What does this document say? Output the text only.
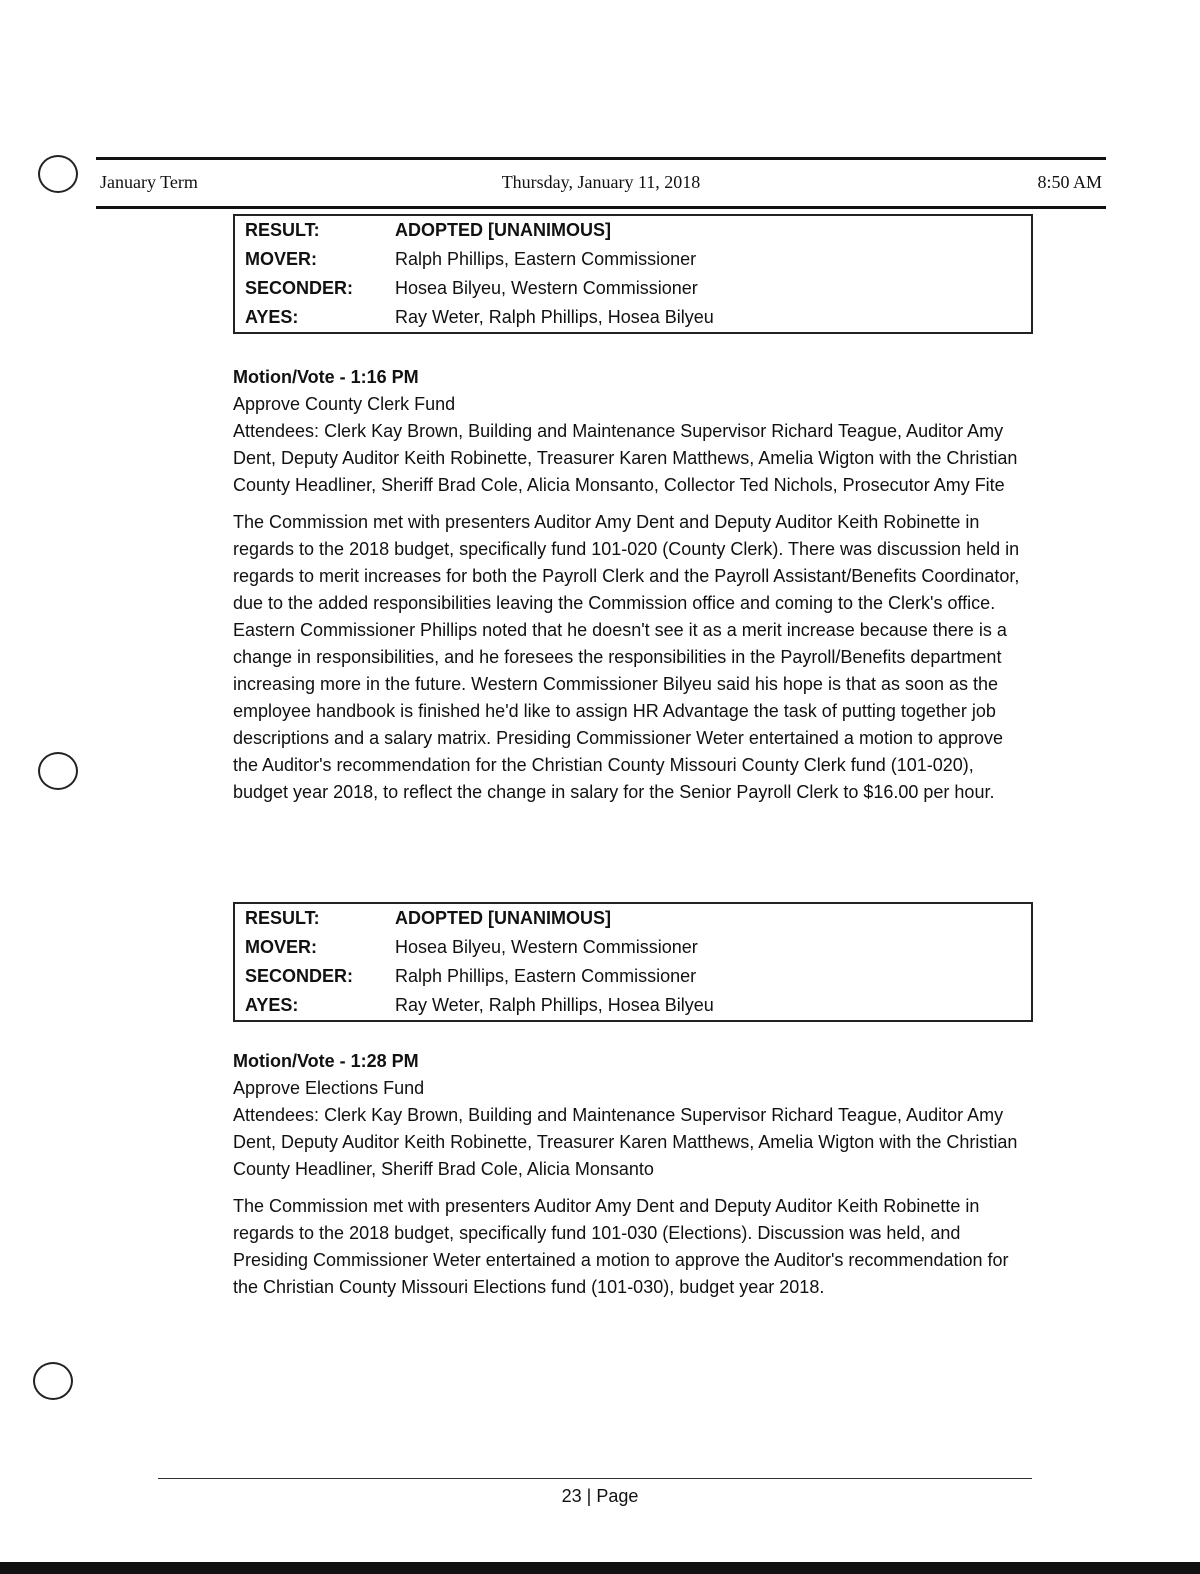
January Term	Thursday, January 11, 2018	8:50 AM
RESULT:	ADOPTED [UNANIMOUS]
MOVER:	Ralph Phillips, Eastern Commissioner
SECONDER:	Hosea Bilyeu, Western Commissioner
AYES:	Ray Weter, Ralph Phillips, Hosea Bilyeu

Motion/Vote - 1:16 PM

Approve County Clerk Fund

Attendees: Clerk Kay Brown, Building and Maintenance Supervisor Richard Teague, Auditor Amy Dent, Deputy Auditor Keith Robinette, Treasurer Karen Matthews, Amelia Wigton with the Christian County Headliner, Sheriff Brad Cole, Alicia Monsanto, Collector Ted Nichols, Prosecutor Amy Fite

The Commission met with presenters Auditor Amy Dent and Deputy Auditor Keith Robinette in regards to the 2018 budget, specifically fund 101-020 (County Clerk). There was discussion held in regards to merit increases for both the Payroll Clerk and the Payroll Assistant/Benefits Coordinator, due to the added responsibilities leaving the Commission office and coming to the Clerk's office. Eastern Commissioner Phillips noted that he doesn't see it as a merit increase because there is a change in responsibilities, and he foresees the responsibilities in the Payroll/Benefits department increasing more in the future. Western Commissioner Bilyeu said his hope is that as soon as the employee handbook is finished he'd like to assign HR Advantage the task of putting together job descriptions and a salary matrix. Presiding Commissioner Weter entertained a motion to approve the Auditor's recommendation for the Christian County Missouri County Clerk fund (101-020), budget year 2018, to reflect the change in salary for the Senior Payroll Clerk to $16.00 per hour.

RESULT:	ADOPTED [UNANIMOUS]
MOVER:	Hosea Bilyeu, Western Commissioner
SECONDER:	Ralph Phillips, Eastern Commissioner
AYES:	Ray Weter, Ralph Phillips, Hosea Bilyeu

Motion/Vote - 1:28 PM

Approve Elections Fund

Attendees: Clerk Kay Brown, Building and Maintenance Supervisor Richard Teague, Auditor Amy Dent, Deputy Auditor Keith Robinette, Treasurer Karen Matthews, Amelia Wigton with the Christian County Headliner, Sheriff Brad Cole, Alicia Monsanto

The Commission met with presenters Auditor Amy Dent and Deputy Auditor Keith Robinette in regards to the 2018 budget, specifically fund 101-030 (Elections). Discussion was held, and Presiding Commissioner Weter entertained a motion to approve the Auditor's recommendation for the Christian County Missouri Elections fund (101-030), budget year 2018.

23 | Page
